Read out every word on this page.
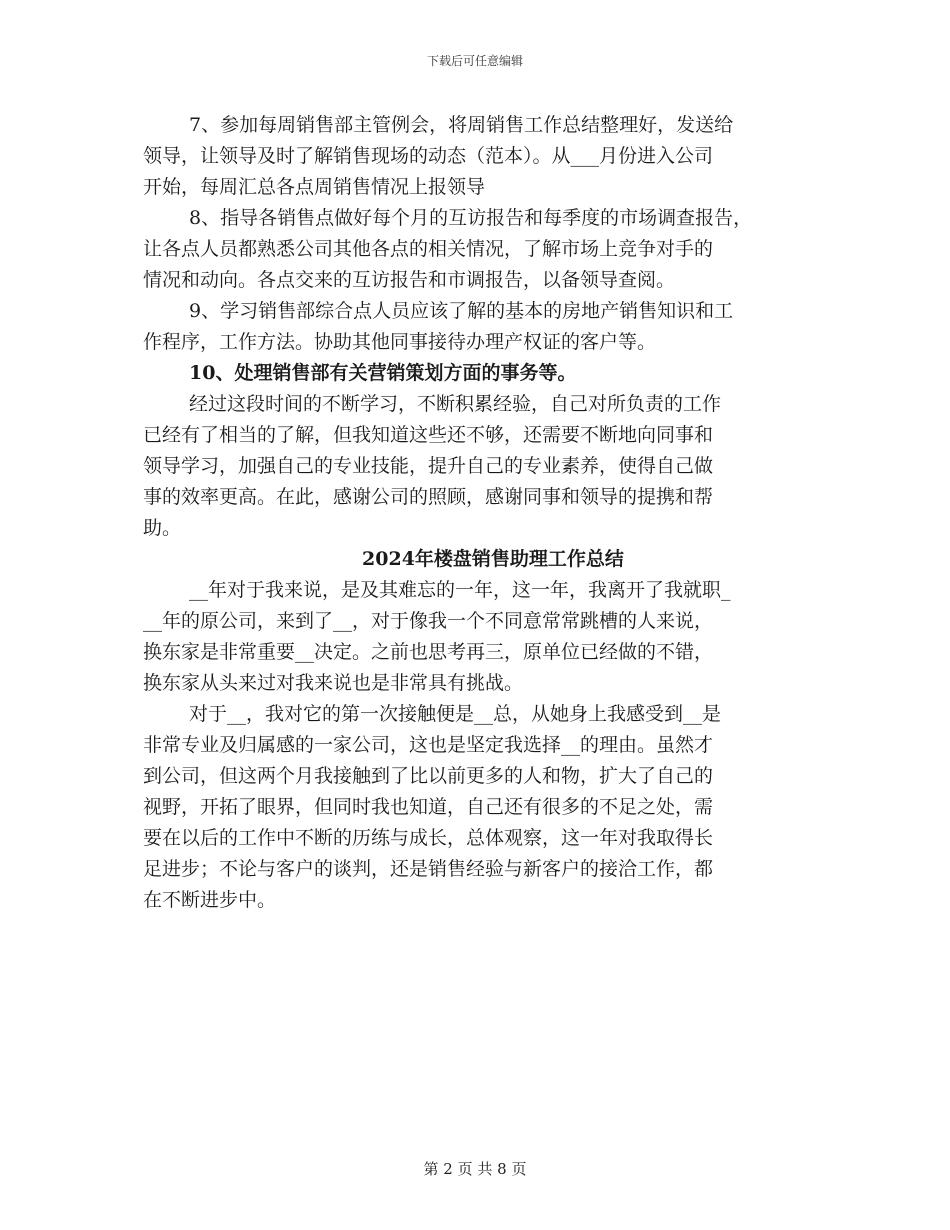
下载后可任意编辑
7、参加每周销售部主管例会，将周销售工作总结整理好，发送给
领导，让领导及时了解销售现场的动态（范本）。从___月份进入公司
开始，每周汇总各点周销售情况上报领导
8、指导各销售点做好每个月的互访报告和每季度的市场调查报告，
让各点人员都熟悉公司其他各点的相关情况，了解市场上竞争对手的
情况和动向。各点交来的互访报告和市调报告，以备领导查阅。
9、学习销售部综合点人员应该了解的基本的房地产销售知识和工
作程序，工作方法。协助其他同事接待办理产权证的客户等。
10、处理销售部有关营销策划方面的事务等。
经过这段时间的不断学习，不断积累经验，自己对所负责的工作
已经有了相当的了解，但我知道这些还不够，还需要不断地向同事和
领导学习，加强自己的专业技能，提升自己的专业素养，使得自己做
事的效率更高。在此，感谢公司的照顾，感谢同事和领导的提携和帮
助。
2024年楼盘销售助理工作总结
__年对于我来说，是及其难忘的一年，这一年，我离开了我就职_
__年的原公司，来到了__，对于像我一个不同意常常跳槽的人来说，
换东家是非常重要__决定。之前也思考再三，原单位已经做的不错，
换东家从头来过对我来说也是非常具有挑战。
对于__，我对它的第一次接触便是__总，从她身上我感受到__是
非常专业及归属感的一家公司，这也是坚定我选择__的理由。虽然才
到公司，但这两个月我接触到了比以前更多的人和物，扩大了自己的
视野，开拓了眼界，但同时我也知道，自己还有很多的不足之处，需
要在以后的工作中不断的历练与成长，总体观察，这一年对我取得长
足进步；不论与客户的谈判，还是销售经验与新客户的接洽工作，都
在不断进步中。
第 2 页 共 8 页
